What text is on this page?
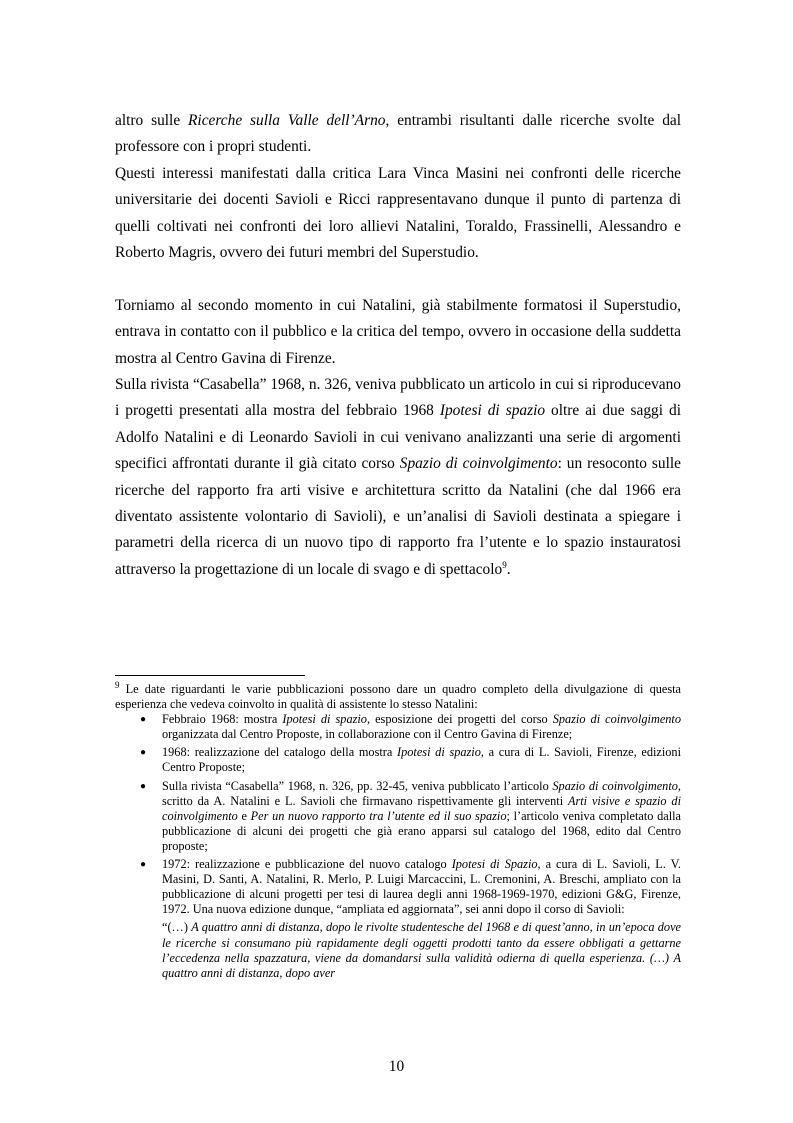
altro sulle Ricerche sulla Valle dell’Arno, entrambi risultanti dalle ricerche svolte dal professore con i propri studenti.

Questi interessi manifestati dalla critica Lara Vinca Masini nei confronti delle ricerche universitarie dei docenti Savioli e Ricci rappresentavano dunque il punto di partenza di quelli coltivati nei confronti dei loro allievi Natalini, Toraldo, Frassinelli, Alessandro e Roberto Magris, ovvero dei futuri membri del Superstudio.

Torniamo al secondo momento in cui Natalini, già stabilmente formatosi il Superstudio, entrava in contatto con il pubblico e la critica del tempo, ovvero in occasione della suddetta mostra al Centro Gavina di Firenze.

Sulla rivista “Casabella” 1968, n. 326, veniva pubblicato un articolo in cui si riproducevano i progetti presentati alla mostra del febbraio 1968 Ipotesi di spazio oltre ai due saggi di Adolfo Natalini e di Leonardo Savioli in cui venivano analizzanti una serie di argomenti specifici affrontati durante il già citato corso Spazio di coinvolgimento: un resoconto sulle ricerche del rapporto fra arti visive e architettura scritto da Natalini (che dal 1966 era diventato assistente volontario di Savioli), e un’analisi di Savioli destinata a spiegare i parametri della ricerca di un nuovo tipo di rapporto fra l’utente e lo spazio instauratosi attraverso la progettazione di un locale di svago e di spettacolo$^9$.

$^9$ Le date riguardanti le varie pubblicazioni possono dare un quadro completo della divulgazione di questa esperienza che vedeva coinvolto in qualità di assistente lo stesso Natalini:

● Febbraio 1968: mostra Ipotesi di spazio, esposizione dei progetti del corso Spazio di coinvolgimento organizzata dal Centro Proposte, in collaborazione con il Centro Gavina di Firenze;
● 1968: realizzazione del catalogo della mostra Ipotesi di spazio, a cura di L. Savioli, Firenze, edizioni Centro Proposte;
● Sulla rivista “Casabella” 1968, n. 326, pp. 32-45, veniva pubblicato l’articolo Spazio di coinvolgimento, scritto da A. Natalini e L. Savioli che firmavano rispettivamente gli interventi Arti visive e spazio di coinvolgimento e Per un nuovo rapporto tra l’utente ed il suo spazio; l’articolo veniva completato dalla pubblicazione di alcuni dei progetti che già erano apparsi sul catalogo del 1968, edito dal Centro proposte;
● 1972: realizzazione e pubblicazione del nuovo catalogo Ipotesi di Spazio, a cura di L. Savioli, L. V. Masini, D. Santi, A. Natalini, R. Merlo, P. Luigi Marcaccini, L. Cremonini, A. Breschi, ampliato con la pubblicazione di alcuni progetti per tesi di laurea degli anni 1968-1969-1970, edizioni G&G, Firenze, 1972. Una nuova edizione dunque, “ampliata ed aggiornata”, sei anni dopo il corso di Savioli:

“(…) A quattro anni di distanza, dopo le rivolte studentesche del 1968 e di quest’anno, in un’epoca dove le ricerche si consumano più rapidamente degli oggetti prodotti tanto da essere obbligati a gettarne l’eccedenza nella spazzatura, viene da domandarsi sulla validità odierna di quella esperienza. (…) A quattro anni di distanza, dopo aver

10
